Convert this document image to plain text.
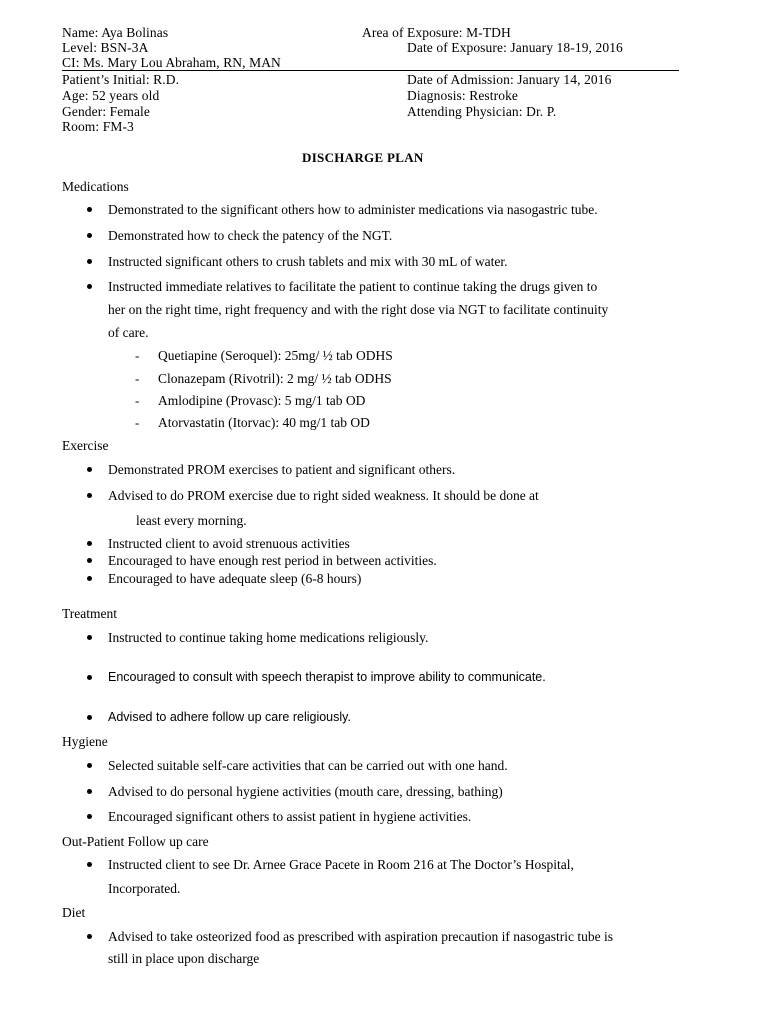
Name: Aya Bolinas	Area of Exposure: M-TDH
Level: BSN-3A	Date of Exposure: January 18-19, 2016
CI: Ms. Mary Lou Abraham, RN, MAN
Patient’s Initial: R.D.	Date of Admission: January 14, 2016
Age: 52 years old	Diagnosis: Restroke
Gender: Female	Attending Physician: Dr. P.
Room: FM-3
DISCHARGE PLAN
Medications
Demonstrated to the significant others how to administer medications via nasogastric tube.
Demonstrated how to check the patency of the NGT.
Instructed significant others to crush tablets and mix with 30 mL of water.
Instructed immediate relatives to facilitate the patient to continue taking the drugs given to
her on the right time, right frequency and with the right dose via NGT to facilitate continuity
of care.
- Quetiapine (Seroquel): 25mg/ ½ tab ODHS
- Clonazepam (Rivotril): 2 mg/ ½ tab ODHS
- Amlodipine (Provasc): 5 mg/1 tab OD
- Atorvastatin (Itorvac): 40 mg/1 tab OD
Exercise
Demonstrated PROM exercises to patient and significant others.
Advised to do PROM exercise due to right sided weakness. It should be done at
least every morning.
Instructed client to avoid strenuous activities
Encouraged to have enough rest period in between activities.
Encouraged to have adequate sleep (6-8 hours)
Treatment
Instructed to continue taking home medications religiously.
Encouraged to consult with speech therapist to improve ability to communicate.
Advised to adhere follow up care religiously.
Hygiene
Selected suitable self-care activities that can be carried out with one hand.
Advised to do personal hygiene activities (mouth care, dressing, bathing)
Encouraged significant others to assist patient in hygiene activities.
Out-Patient Follow up care
Instructed client to see Dr. Arnee Grace Pacete in Room 216 at The Doctor’s Hospital,
Incorporated.
Diet
Advised to take osteorized food as prescribed with aspiration precaution if nasogastric tube is
still in place upon discharge
